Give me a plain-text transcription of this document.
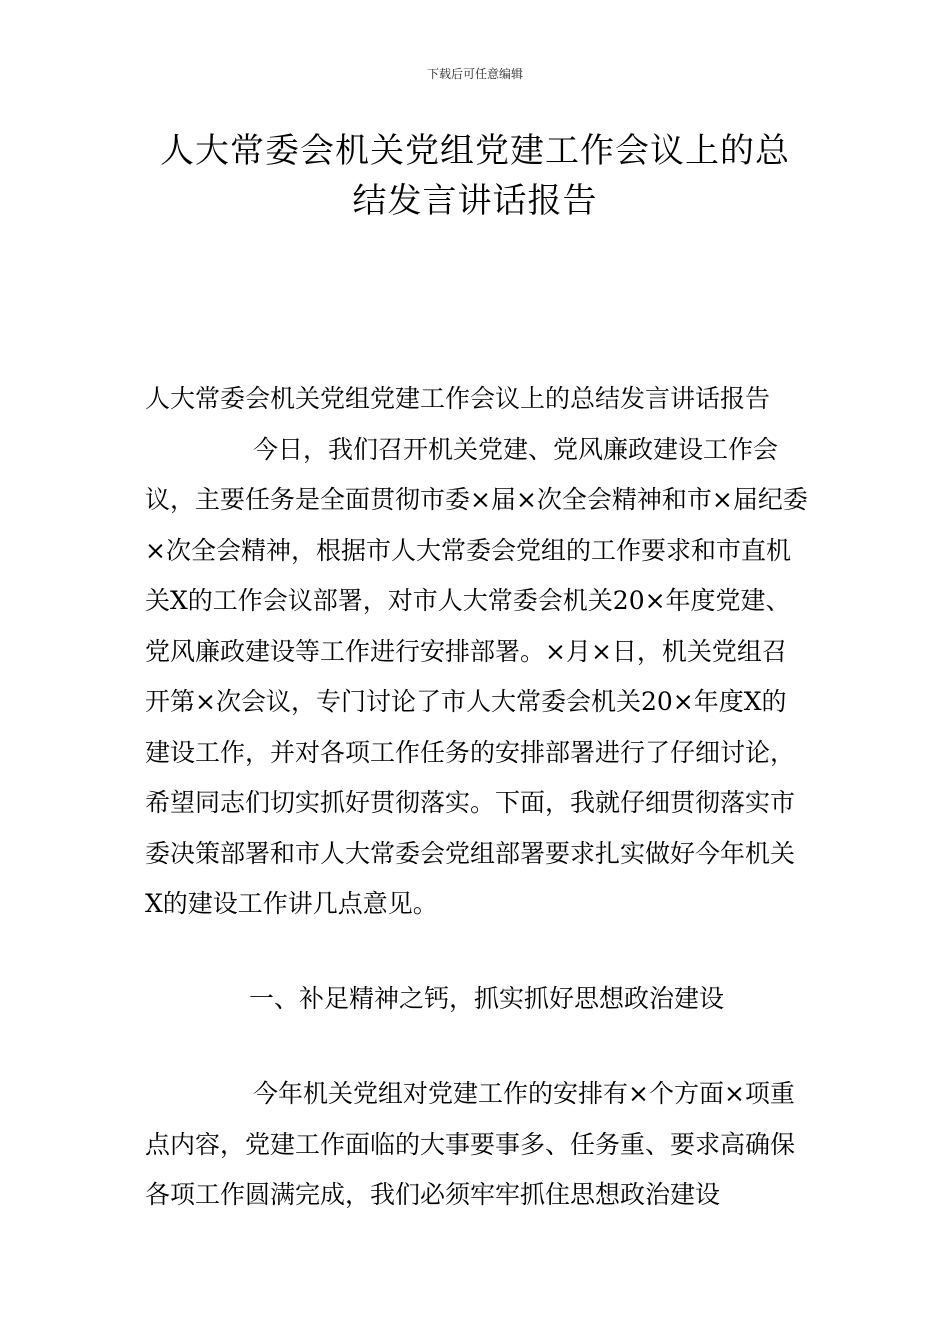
下载后可任意编辑
人大常委会机关党组党建工作会议上的总
结发言讲话报告

人大常委会机关党组党建工作会议上的总结发言讲话报告

今日，我们召开机关党建、党风廉政建设工作会议，主要任务是全面贯彻市委×届×次全会精神和市×届纪委×次全会精神，根据市人大常委会党组的工作要求和市直机关X的工作会议部署，对市人大常委会机关20×年度党建、党风廉政建设等工作进行安排部署。×月×日，机关党组召开第×次会议，专门讨论了市人大常委会机关20×年度X的建设工作，并对各项工作任务的安排部署进行了仔细讨论，希望同志们切实抓好贯彻落实。下面，我就仔细贯彻落实市委决策部署和市人大常委会党组部署要求扎实做好今年机关X的建设工作讲几点意见。

一、补足精神之钙，抓实抓好思想政治建设

今年机关党组对党建工作的安排有×个方面×项重点内容，党建工作面临的大事要事多、任务重、要求高确保各项工作圆满完成，我们必须牢牢抓住思想政治建设
